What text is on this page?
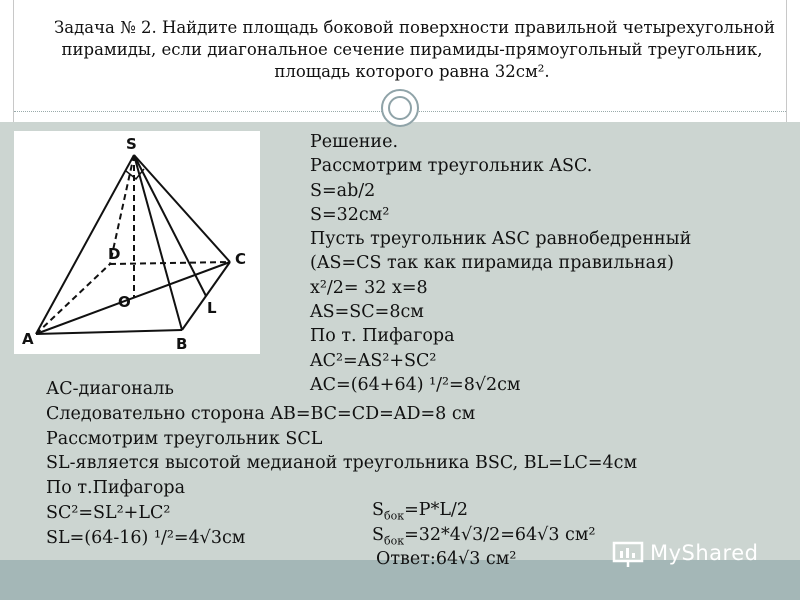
Задача № 2. Найдите площадь боковой поверхности правильной четырехугольной
пирамиды, если диагональное сечение пирамиды-прямоугольный треугольник,
площадь которого равна 32см².
S
D	C
O	L
A	B
Решение.
Рассмотрим треугольник ASC.
S=ab/2
S=32см²
Пусть треугольник ASC равнобедренный
(AS=CS так как пирамида правильная)
x²/2= 32 x=8
AS=SC=8см
По т. Пифагора
AC²=AS²+SC²
AC=(64+64) ¹/²=8√2см
АС-диагональ
Следовательно сторона AB=BC=CD=AD=8 см
Рассмотрим треугольник SCL
SL-является высотой медианой треугольника BSC, BL=LC=4см
По т.Пифагора
SC²=SL²+LC²
SL=(64-16) ¹/²=4√3см
$S_{бок}=P*L/2$
$S_{бок}=32*4√3/2=64√3$ см²
Ответ:64√3 см²	MyShared
